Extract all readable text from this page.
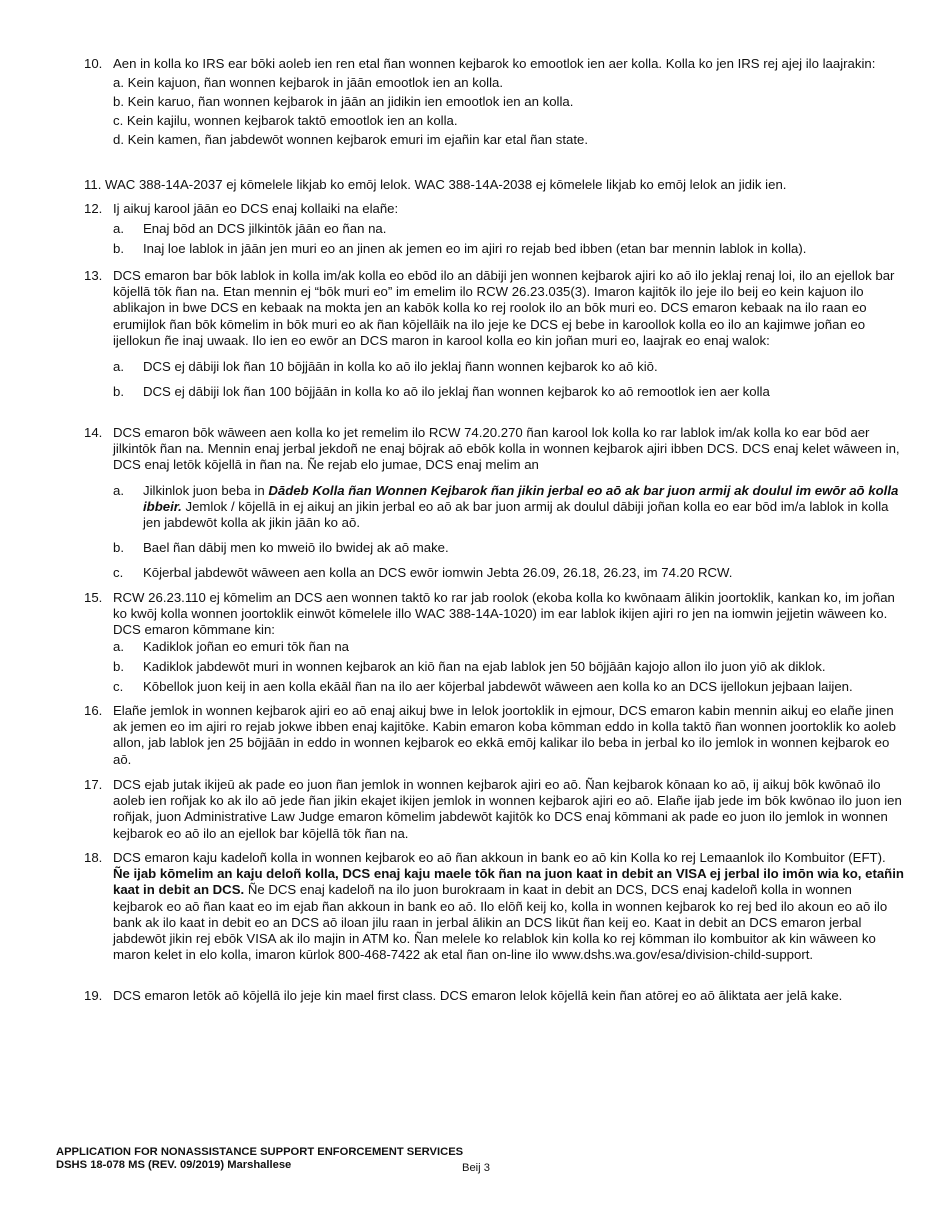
10. Aen in kolla ko IRS ear bōki aoleb ien ren etal ñan wonnen kejbarok ko emootlok ien aer kolla. Kolla ko jen IRS rej ajej ilo laajrakin:
a. Kein kajuon, ñan wonnen kejbarok in jāān emootlok ien an kolla.
b. Kein karuo, ñan wonnen kejbarok in jāān an jidikin ien emootlok ien an kolla.
c. Kein kajilu, wonnen kejbarok taktō emootlok ien an kolla.
d. Kein kamen, ñan jabdewōt wonnen kejbarok emuri im ejañin kar etal ñan state.
11. WAC 388-14A-2037 ej kōmelele likjab ko emōj lelok. WAC 388-14A-2038 ej kōmelele likjab ko emōj lelok an jidik ien.
12. Ij aikuj karool jāān eo DCS enaj kollaiki na elañe:
a. Enaj bōd an DCS jilkintōk jāān eo ñan na.
b. Inaj loe lablok in jāān jen muri eo an jinen ak jemen eo im ajiri ro rejab bed ibben (etan bar mennin lablok in kolla).
13. DCS emaron bar bōk lablok in kolla im/ak kolla eo ebōd ilo an dābiji jen wonnen kejbarok ajiri ko aō ilo jeklaj renaj loi, ilo an ejellok bar kōjellā tōk ñan na. Etan mennin ej “bōk muri eo” im emelim ilo RCW 26.23.035(3). Imaron kajitōk ilo jeje ilo beij eo kein kajuon ilo ablikajon in bwe DCS en kebaak na mokta jen an kabōk kolla ko rej roolok ilo an bōk muri eo. DCS emaron kebaak na ilo raan eo erumijlok ñan bōk kōmelim in bōk muri eo ak ñan kōjellāik na ilo jeje ke DCS ej bebe in karoollok kolla eo ilo an kajimwe joñan eo ijellokun ñe inaj uwaak. Ilo ien eo ewōr an DCS maron in karool kolla eo kin joñan muri eo, laajrak eo enaj walok:
a. DCS ej dābiji lok ñan 10 bōjjāān in kolla ko aō ilo jeklaj ñann wonnen kejbarok ko aō kiō.
b. DCS ej dābiji lok ñan 100 bōjjāān in kolla ko aō ilo jeklaj ñan wonnen kejbarok ko aō remootlok ien aer kolla
14. DCS emaron bōk wāween aen kolla ko jet remelim ilo RCW 74.20.270 ñan karool lok kolla ko rar lablok im/ak kolla ko ear bōd aer jilkintōk ñan na. Mennin enaj jerbal jekdoñ ne enaj bōjrak aō ebōk kolla in wonnen kejbarok ajiri ibben DCS. DCS enaj kelet wāween in, DCS enaj letōk kōjellā in ñan na. Ñe rejab elo jumae, DCS enaj melim an
a. Jilkinlok juon beba in Dādeb Kolla ñan Wonnen Kejbarok ñan jikin jerbal eo aō ak bar juon armij ak doulul im ewōr aō kolla ibbeir. Jemlok / kōjellā in ej aikuj an jikin jerbal eo aō ak bar juon armij ak doulul dābiji joñan kolla eo ear bōd im/a lablok in kolla jen jabdewōt kolla ak jikin jāān ko aō.
b. Bael ñan dābij men ko mweiō ilo bwidej ak aō make.
c. Kōjerbal jabdewōt wāween aen kolla an DCS ewōr iomwin Jebta 26.09, 26.18, 26.23, im 74.20 RCW.
15. RCW 26.23.110 ej kōmelim an DCS aen wonnen taktō ko rar jab roolok (ekoba kolla ko kwōnaam ālikin joortoklik, kankan ko, im joñan ko kwōj kolla wonnen joortoklik einwōt kōmelele illo WAC 388-14A-1020) im ear lablok ikijen ajiri ro jen na iomwin jejjetin wāween ko. DCS emaron kōmmane kin:
a. Kadiklok joñan eo emuri tōk ñan na
b. Kadiklok jabdewōt muri in wonnen kejbarok an kiō ñan na ejab lablok jen 50 bōjjāān kajojo allon ilo juon yiō ak diklok.
c. Kōbellok juon keij in aen kolla ekāāl ñan na ilo aer kōjerbal jabdewōt wāween aen kolla ko an DCS ijellokun jejbaan laijen.
16. Elañe jemlok in wonnen kejbarok ajiri eo aō enaj aikuj bwe in lelok joortoklik in ejmour, DCS emaron kabin mennin aikuj eo elañe jinen ak jemen eo im ajiri ro rejab jokwe ibben enaj kajitōke. Kabin emaron koba kōmman eddo in kolla taktō ñan wonnen joortoklik ko aoleb allon, jab lablok jen 25 bōjjāān in eddo in wonnen kejbarok eo ekkā emōj kalikar ilo beba in jerbal ko ilo jemlok in wonnen kejbarok eo aō.
17. DCS ejab jutak ikijeū ak pade eo juon ñan jemlok in wonnen kejbarok ajiri eo aō. Ñan kejbarok kōnaan ko aō, ij aikuj bōk kwōnaō ilo aoleb ien roñjak ko ak ilo aō jede ñan jikin ekajet ikijen jemlok in wonnen kejbarok ajiri eo aō. Elañe ijab jede im bōk kwōnao ilo juon ien roñjak, juon Administrative Law Judge emaron kōmelim jabdewōt kajitōk ko DCS enaj kōmmani ak pade eo juon ilo jemlok in wonnen kejbarok eo aō ilo an ejellok bar kōjellā tōk ñan na.
18. DCS emaron kaju kadeloñ kolla in wonnen kejbarok eo aō ñan akkoun in bank eo aō kin Kolla ko rej Lemaanlok ilo Kombuitor (EFT). Ñe ijab kōmelim an kaju deloñ kolla, DCS enaj kaju maele tōk ñan na juon kaat in debit an VISA ej jerbal ilo imōn wia ko, etañin kaat in debit an DCS. Ñe DCS enaj kadeloñ na ilo juon burokraam in kaat in debit an DCS, DCS enaj kadeloñ kolla in wonnen kejbarok eo aō ñan kaat eo im ejab ñan akkoun in bank eo aō. Ilo elōñ keij ko, kolla in wonnen kejbarok ko rej bed ilo akoun eo aō ilo bank ak ilo kaat in debit eo an DCS aō iloan jilu raan in jerbal ālikin an DCS likūt ñan keij eo. Kaat in debit an DCS emaron jerbal jabdewōt jikin rej ebōk VISA ak ilo majin in ATM ko. Ñan melele ko relablok kin kolla ko rej kōmman ilo kombuitor ak kin wāween ko maron kelet in elo kolla, imaron kūrlok 800-468-7422 ak etal ñan on-line ilo www.dshs.wa.gov/esa/division-child-support.
19. DCS emaron letōk aō kōjellā ilo jeje kin mael first class. DCS emaron lelok kōjellā kein ñan atōrej eo aō āliktata aer jelā kake.
APPLICATION FOR NONASSISTANCE SUPPORT ENFORCEMENT SERVICES
DSHS 18-078 MS (REV. 09/2019) Marshallese	Beij 3
